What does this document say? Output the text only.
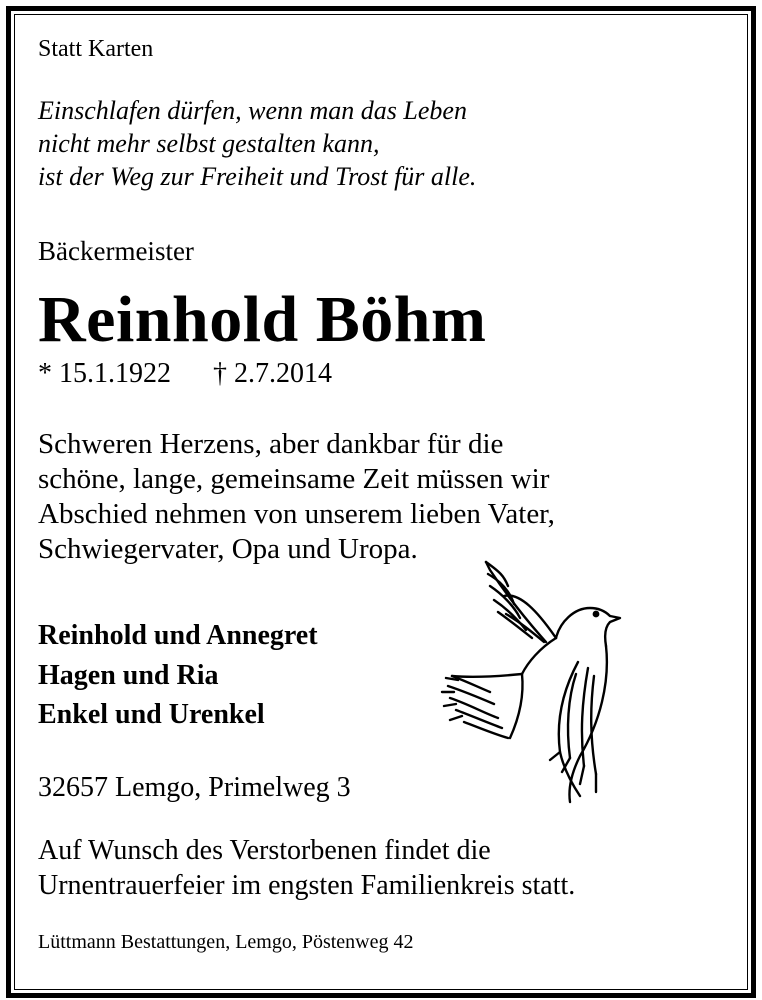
Statt Karten

Einschlafen dürfen, wenn man das Leben
nicht mehr selbst gestalten kann,
ist der Weg zur Freiheit und Trost für alle.

Bäckermeister

Reinhold Böhm

* 15.1.1922 † 2.7.2014

Schweren Herzens, aber dankbar für die
schöne, lange, gemeinsame Zeit müssen wir
Abschied nehmen von unserem lieben Vater,
Schwiegervater, Opa und Uropa.
Reinhold und Annegret
Hagen und Ria
Enkel und Urenkel

32657 Lemgo, Primelweg 3

Auf Wunsch des Verstorbenen findet die
Urnentrauerfeier im engsten Familienkreis statt.

Lüttmann Bestattungen, Lemgo, Pöstenweg 42
